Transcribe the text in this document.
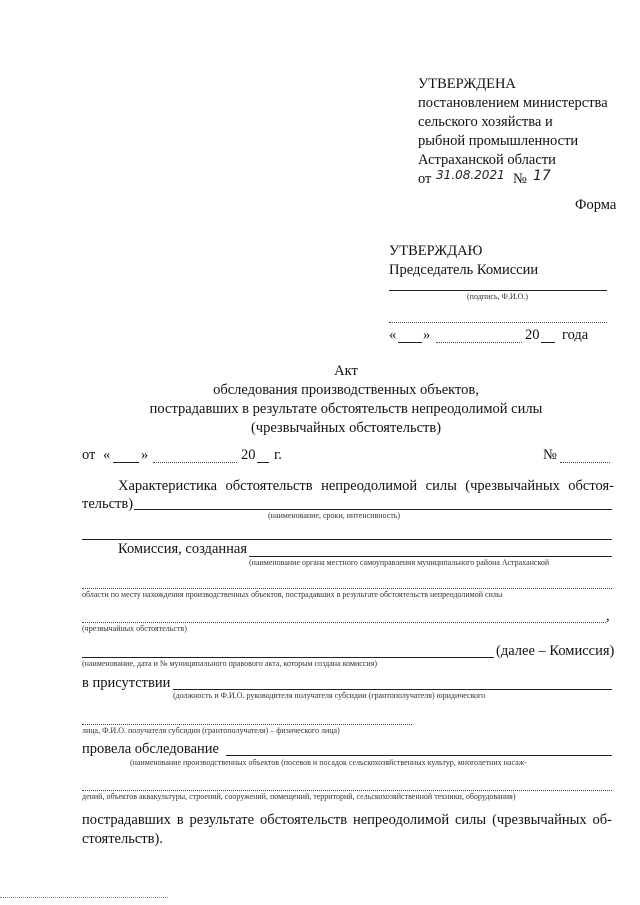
УТВЕРЖДЕНА
постановлением министерства
сельского хозяйства и
рыбной промышленности
Астраханской области
от 31.08.2021 № 17
Форма
УТВЕРЖДАЮ
Председатель Комиссии
(подпись, Ф.И.О.)
« »	20 года
Акт
обследования производственных объектов,
пострадавших в результате обстоятельств непреодолимой силы
(чрезвычайных обстоятельств)
от « »	20 г.	№
Характеристика обстоятельств непреодолимой силы (чрезвычайных обстоя-
тельств)
(наименование, сроки, интенсивность)
Комиссия, созданная
(наименование органа местного самоуправления муниципального района Астраханской
области по месту нахождения производственных объектов, пострадавших в результате обстоятельств непреодолимой силы
,
(чрезвычайных обстоятельств)
(далее – Комиссия)
(наименование, дата и № муниципального правового акта, которым создана комиссия)
в присутствии
(должность и Ф.И.О. руководителя получателя субсидии (грантополучателя) юридического
лица, Ф.И.О. получателя субсидии (грантополучателя) – физического лица)
провела обследование
(наименование производственных объектов (посевов и посадок сельскохозяйственных культур, многолетних насаж-
дений, объектов аквакультуры, строений, сооружений, помещений, территорий, сельскохозяйственной техники, оборудования)
пострадавших в результате обстоятельств непреодолимой силы (чрезвычайных об-
стоятельств).
